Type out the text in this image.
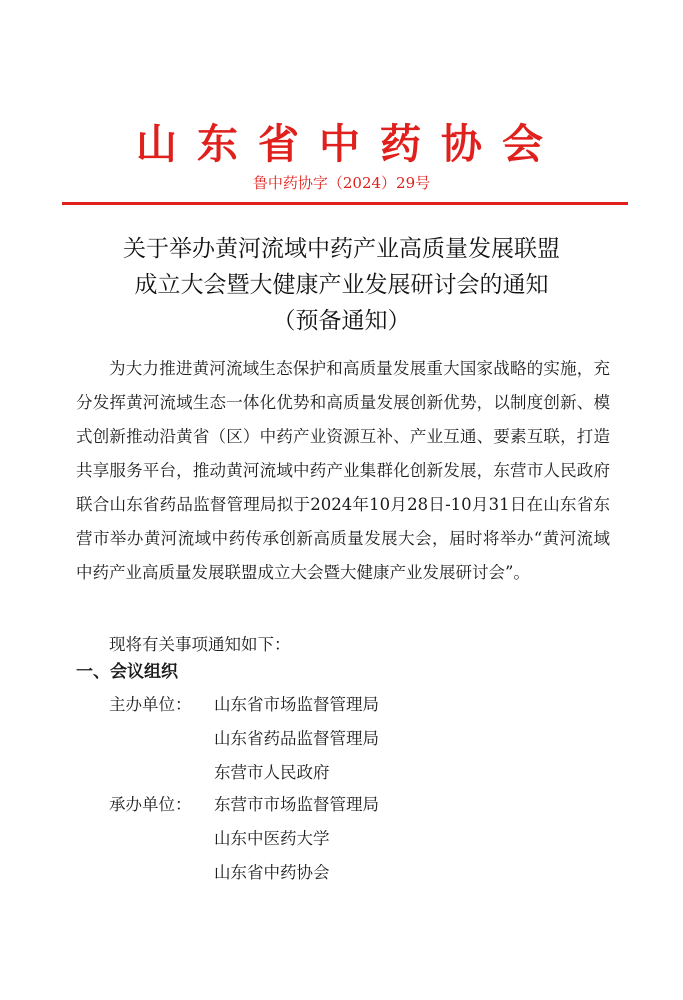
山东省中药协会
鲁中药协字（2024）29号
关于举办黄河流域中药产业高质量发展联盟
成立大会暨大健康产业发展研讨会的通知
（预备通知）
为大力推进黄河流域生态保护和高质量发展重大国家战略的实施，充分发挥黄河流域生态一体化优势和高质量发展创新优势，以制度创新、模式创新推动沿黄省（区）中药产业资源互补、产业互通、要素互联，打造共享服务平台，推动黄河流域中药产业集群化创新发展，东营市人民政府联合山东省药品监督管理局拟于2024年10月28日-10月31日在山东省东营市举办黄河流域中药传承创新高质量发展大会，届时将举办“黄河流域中药产业高质量发展联盟成立大会暨大健康产业发展研讨会”。
现将有关事项通知如下：
一、会议组织
主办单位：	山东省市场监督管理局
山东省药品监督管理局
东营市人民政府
承办单位：	东营市市场监督管理局
山东中医药大学
山东省中药协会
